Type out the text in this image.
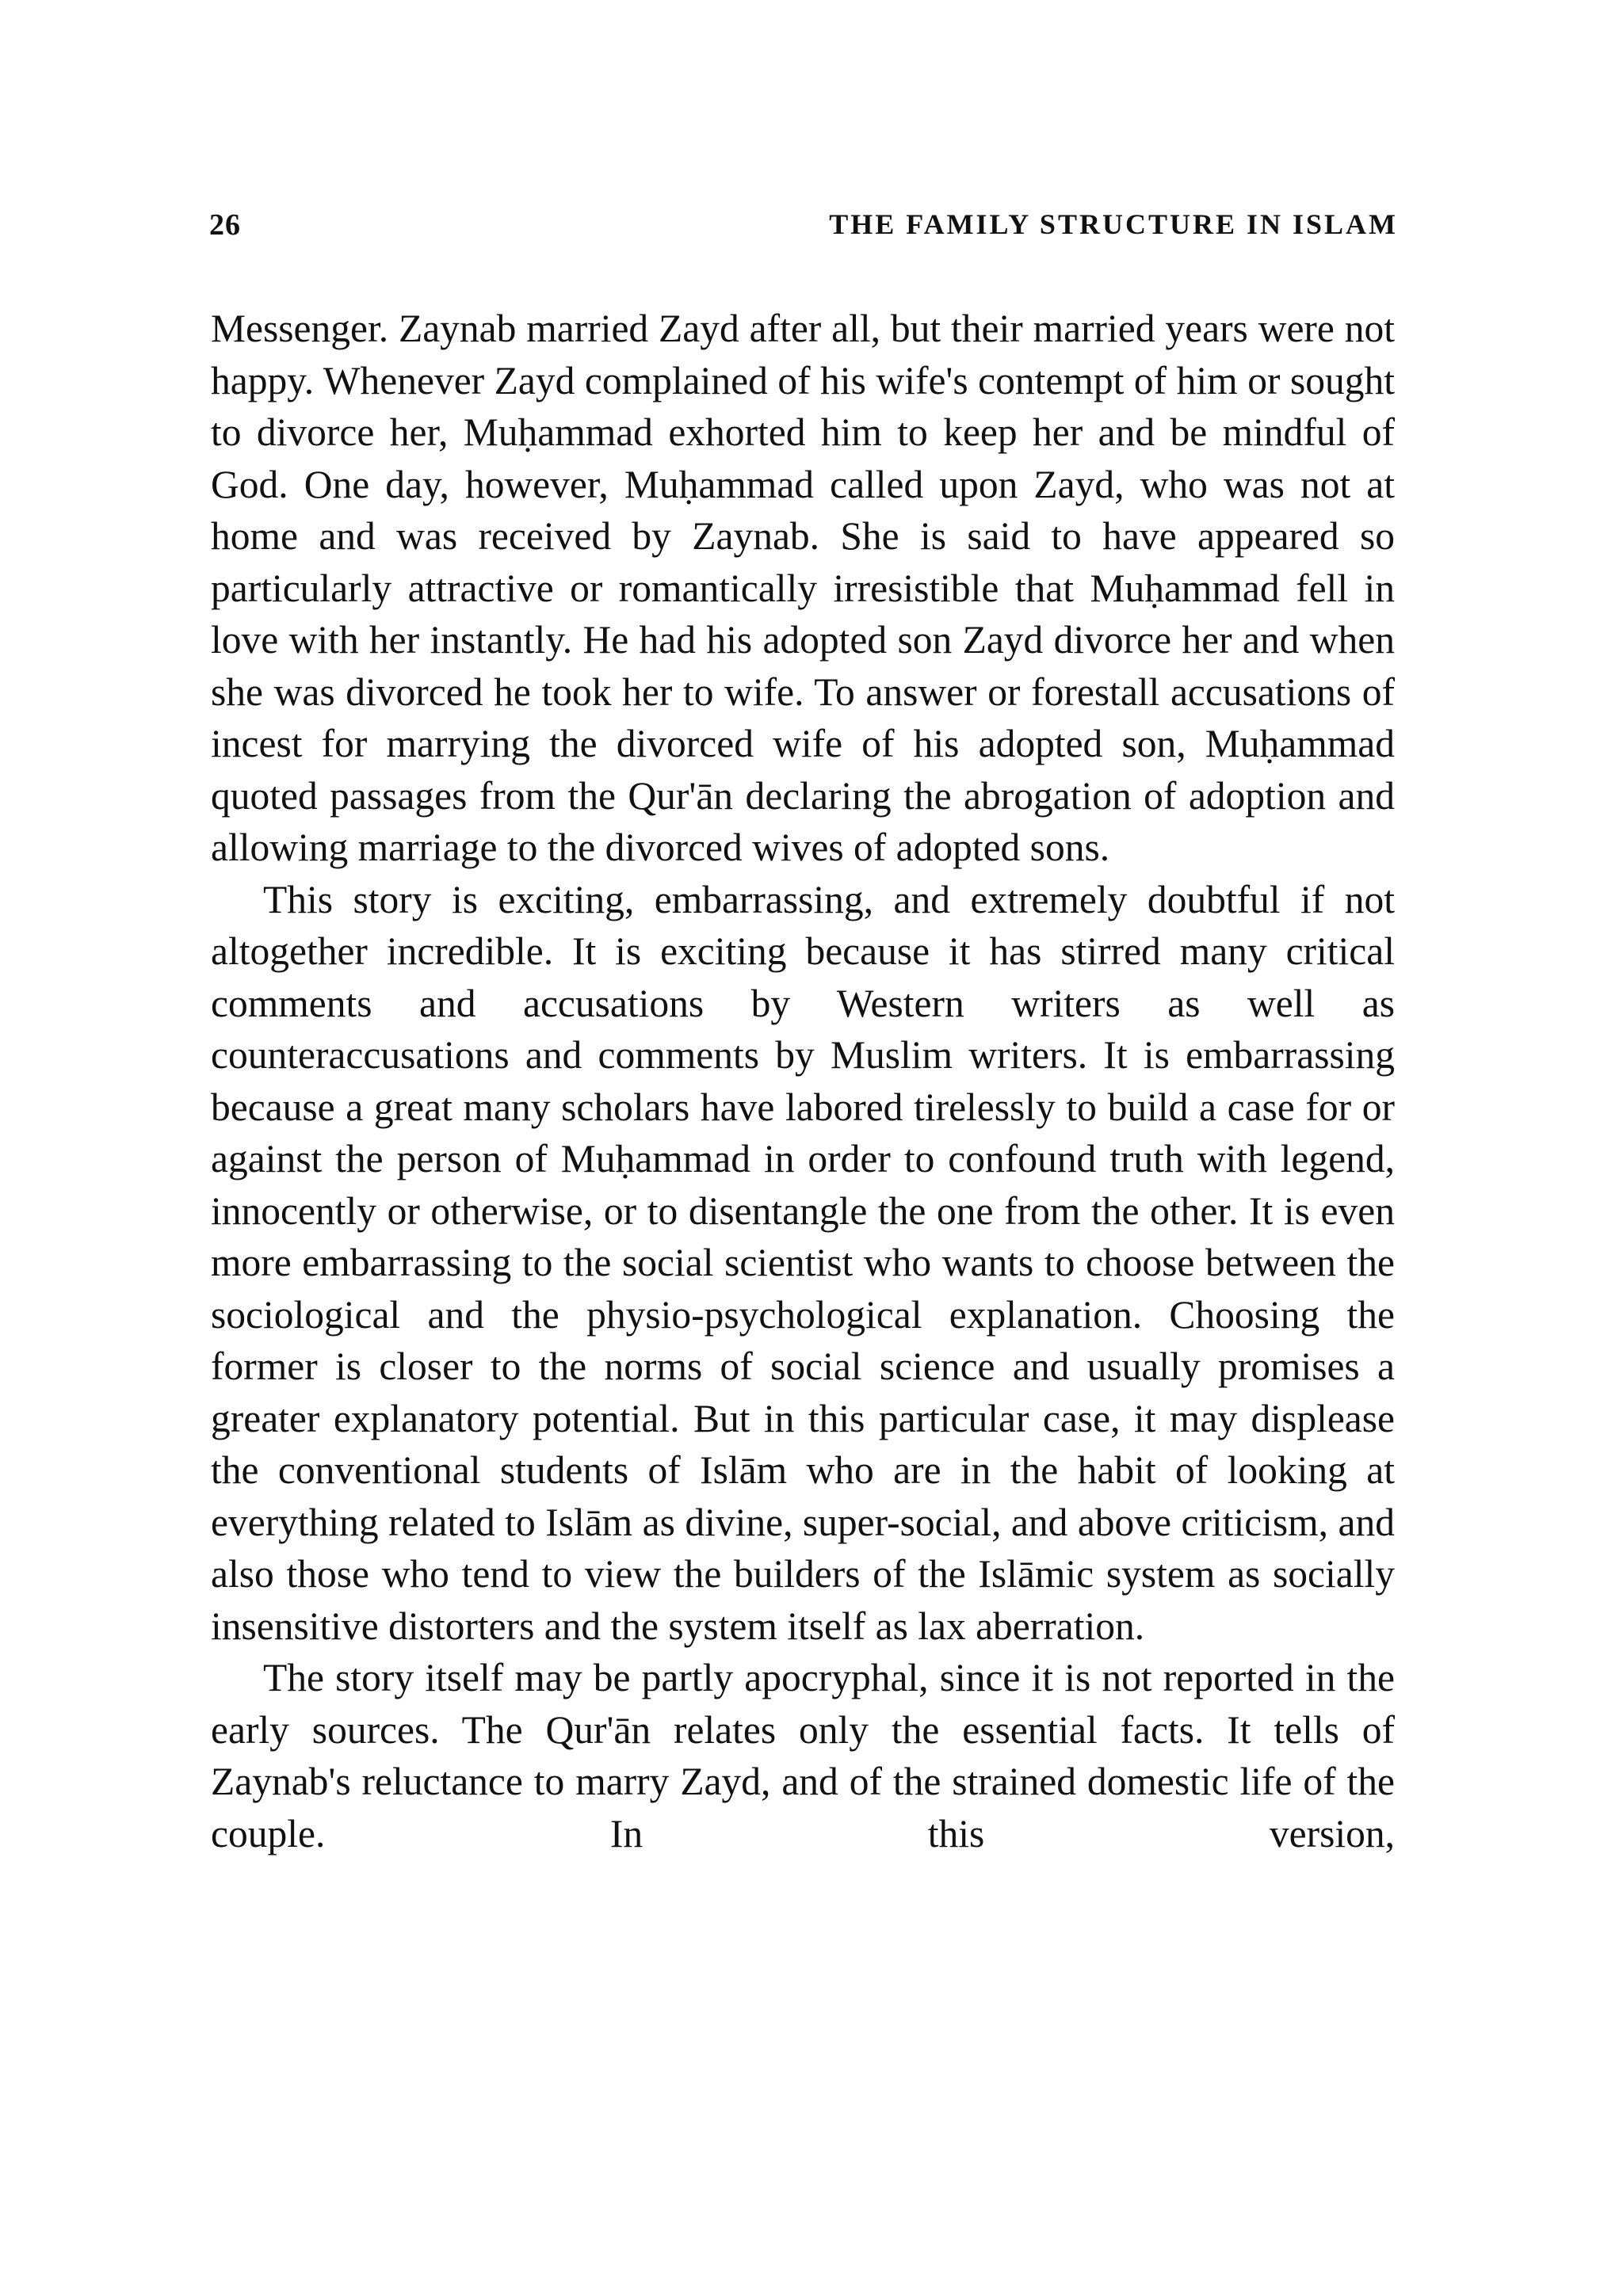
26	THE FAMILY STRUCTURE IN ISLAM

Messenger. Zaynab married Zayd after all, but their married years were not happy. Whenever Zayd complained of his wife's contempt of him or sought to divorce her, Muḥammad exhorted him to keep her and be mindful of God. One day, however, Muḥammad called upon Zayd, who was not at home and was received by Zaynab. She is said to have appeared so particularly attractive or romantically irresistible that Muḥammad fell in love with her instantly. He had his adopted son Zayd divorce her and when she was divorced he took her to wife. To answer or forestall accusations of incest for marrying the divorced wife of his adopted son, Muḥammad quoted passages from the Qur'ān declaring the abrogation of adoption and allowing marriage to the divorced wives of adopted sons.

This story is exciting, embarrassing, and extremely doubtful if not altogether incredible. It is exciting because it has stirred many critical comments and accusations by Western writers as well as counteraccusations and comments by Muslim writers. It is embarrassing because a great many scholars have labored tirelessly to build a case for or against the person of Muḥammad in order to confound truth with legend, innocently or otherwise, or to disentangle the one from the other. It is even more embarrassing to the social scientist who wants to choose between the sociological and the physio-psychological explanation. Choosing the former is closer to the norms of social science and usually promises a greater explanatory potential. But in this particular case, it may displease the conventional students of Islām who are in the habit of looking at everything related to Islām as divine, super-social, and above criticism, and also those who tend to view the builders of the Islāmic system as socially insensitive distorters and the system itself as lax aberration.

The story itself may be partly apocryphal, since it is not reported in the early sources. The Qur'ān relates only the essential facts. It tells of Zaynab's reluctance to marry Zayd, and of the strained domestic life of the couple. In this version,
